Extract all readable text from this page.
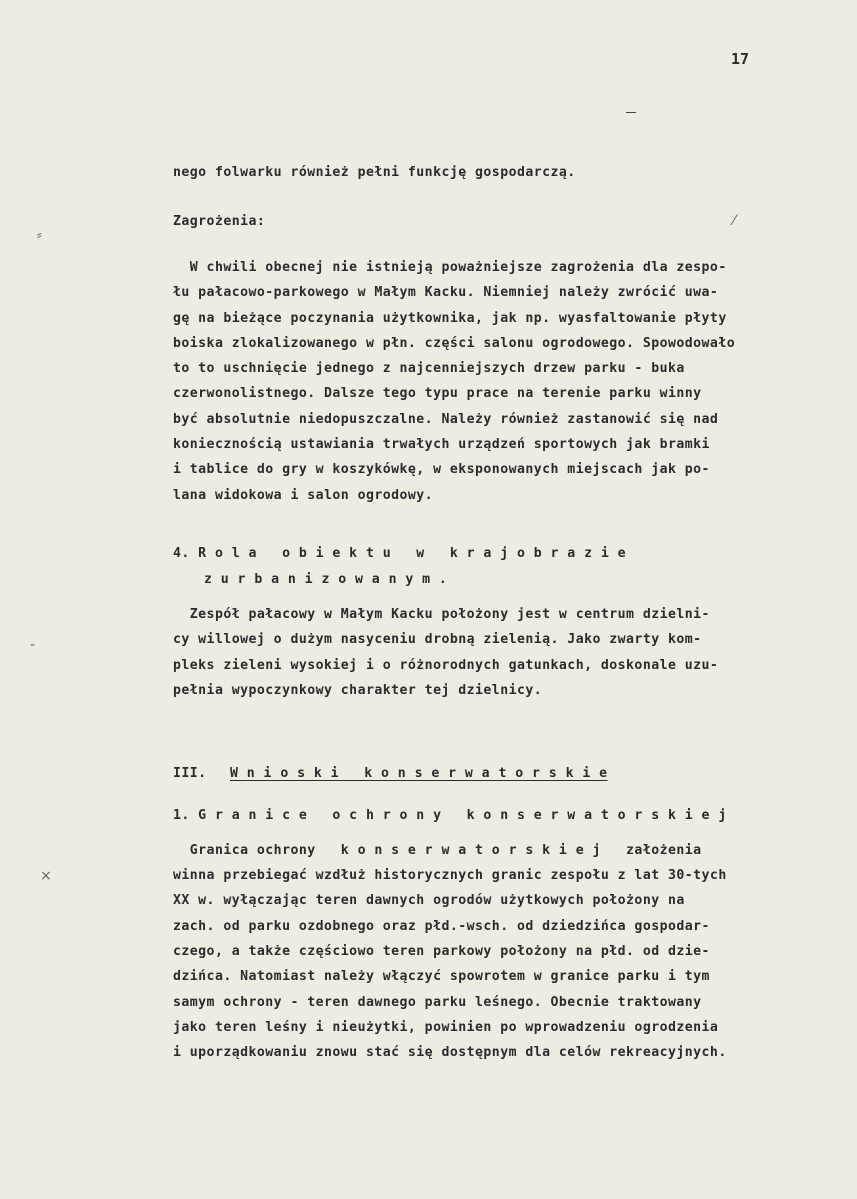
17
⸗
-
×
⁄
nego folwarku również pełni funkcję gospodarczą.
Zagrożenia:
W chwili obecnej nie istnieją poważniejsze zagrożenia dla zespo-
łu pałacowo-parkowego w Małym Kacku. Niemniej należy zwrócić uwa-
gę na bieżące poczynania użytkownika, jak np. wyasfaltowanie płyty
boiska zlokalizowanego w płn. części salonu ogrodowego. Spowodowało
to to uschnięcie jednego z najcenniejszych drzew parku - buka
czerwonolistnego. Dalsze tego typu prace na terenie parku winny
być absolutnie niedopuszczalne. Należy również zastanowić się nad
koniecznością ustawiania trwałych urządzeń sportowych jak bramki
i tablice do gry w koszykówkę, w eksponowanych miejscach jak po-
lana widokowa i salon ogrodowy.
4. R o l a   o b i e k t u   w   k r a j o b r a z i e
z u r b a n i z o w a n y m .
Zespół pałacowy w Małym Kacku położony jest w centrum dzielni-
cy willowej o dużym nasyceniu drobną zielenią. Jako zwarty kom-
pleks zieleni wysokiej i o różnorodnych gatunkach, doskonale uzu-
pełnia wypoczynkowy charakter tej dzielnicy.
III. W n i o s k i   k o n s e r w a t o r s k i e
1. G r a n i c e   o c h r o n y   k o n s e r w a t o r s k i e j
Granica ochrony   k o n s e r w a t o r s k i e j   założenia
winna przebiegać wzdłuż historycznych granic zespołu z lat 30-tych
XX w. wyłączając teren dawnych ogrodów użytkowych położony na
zach. od parku ozdobnego oraz płd.-wsch. od dziedzińca gospodar-
czego, a także częściowo teren parkowy położony na płd. od dzie-
dzińca. Natomiast należy włączyć spowrotem w granice parku i tym
samym ochrony - teren dawnego parku leśnego. Obecnie traktowany
jako teren leśny i nieużytki, powinien po wprowadzeniu ogrodzenia
i uporządkowaniu znowu stać się dostępnym dla celów rekreacyjnych.
